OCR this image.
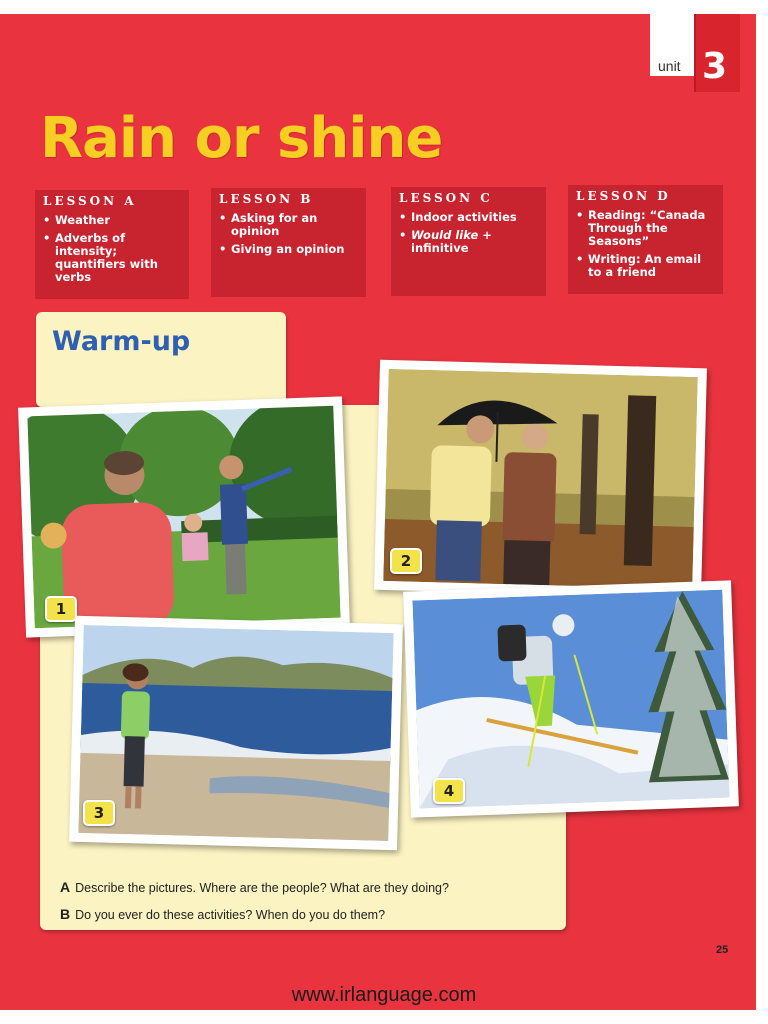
unit 3
Rain or shine
LESSON A
• Weather
• Adverbs of intensity; quantifiers with verbs
LESSON B
• Asking for an opinion
• Giving an opinion
LESSON C
• Indoor activities
• Would like + infinitive
LESSON D
• Reading: “Canada Through the Seasons”
• Writing: An email to a friend
Warm-up
1
2
3
4
A Describe the pictures. Where are the people? What are they doing?
B Do you ever do these activities? When do you do them?
25
www.irlanguage.com
